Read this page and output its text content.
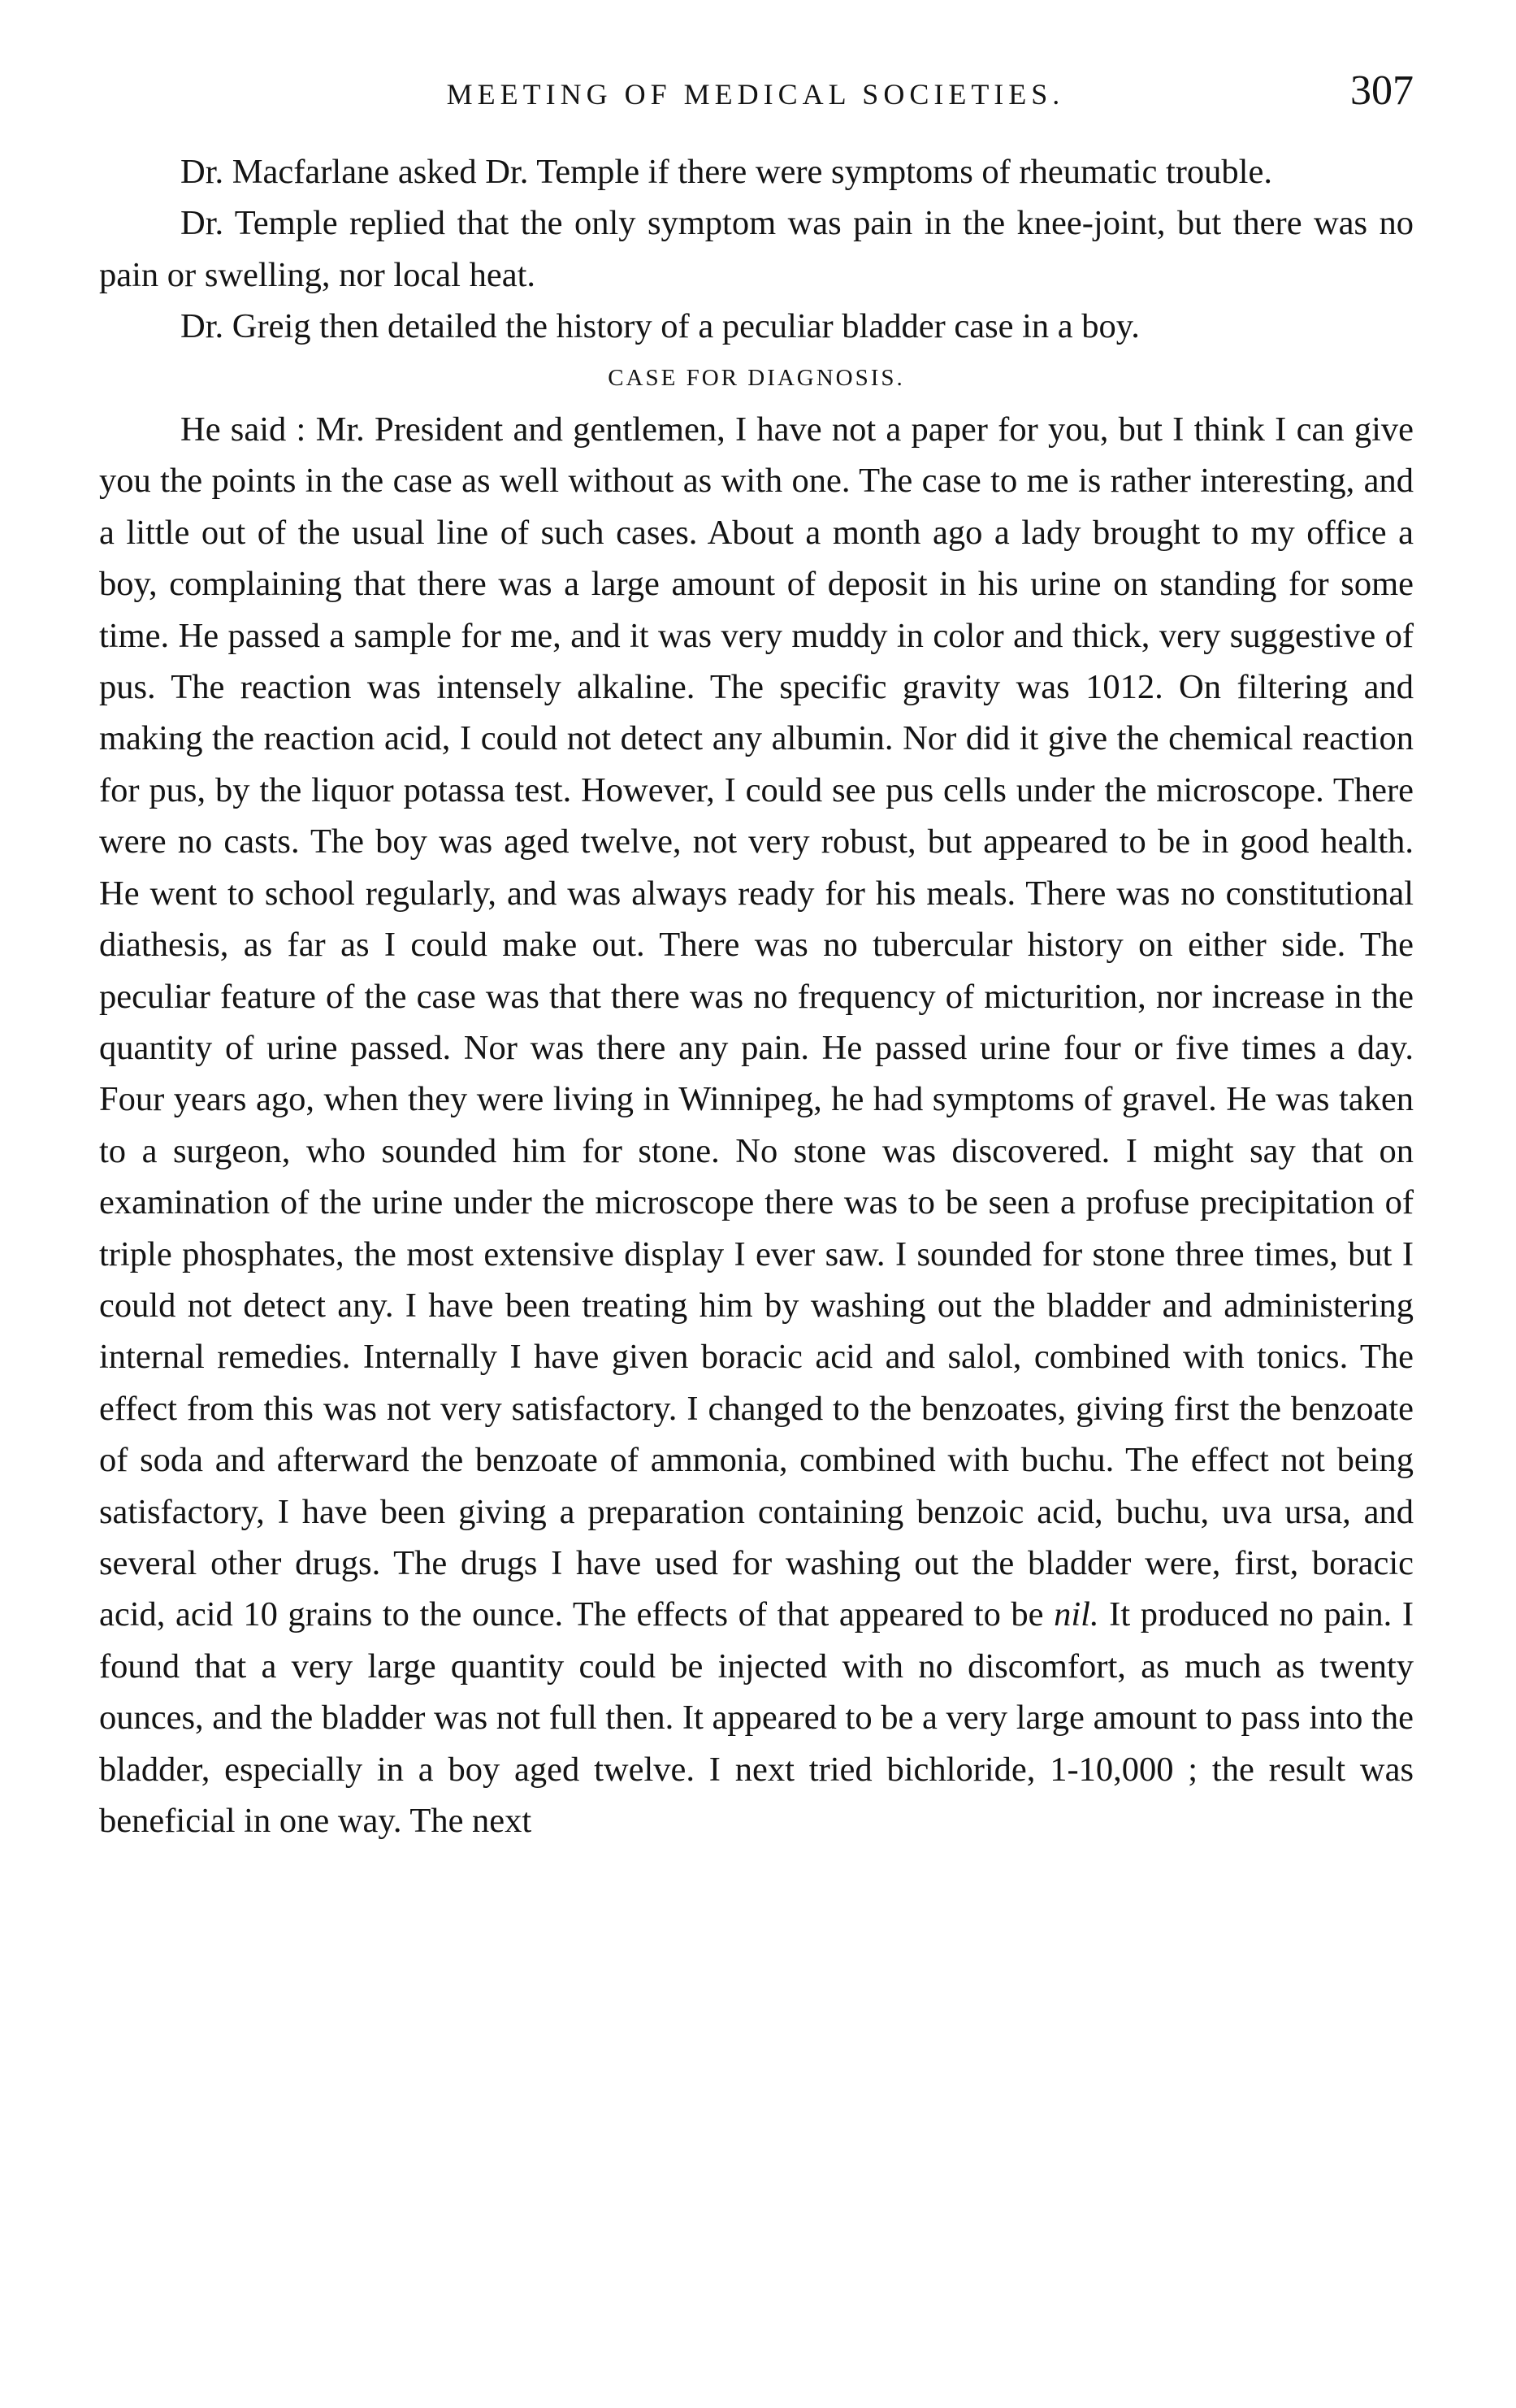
MEETING OF MEDICAL SOCIETIES.	307

Dr. Macfarlane asked Dr. Temple if there were symptoms of rheumatic trouble.

Dr. Temple replied that the only symptom was pain in the knee-joint, but there was no pain or swelling, nor local heat.

Dr. Greig then detailed the history of a peculiar bladder case in a boy.

CASE FOR DIAGNOSIS.

He said : Mr. President and gentlemen, I have not a paper for you, but I think I can give you the points in the case as well without as with one. The case to me is rather interesting, and a little out of the usual line of such cases. About a month ago a lady brought to my office a boy, complaining that there was a large amount of deposit in his urine on standing for some time. He passed a sample for me, and it was very muddy in color and thick, very suggestive of pus. The reaction was intensely alkaline. The specific gravity was 1012. On filtering and making the reaction acid, I could not detect any albumin. Nor did it give the chemical reaction for pus, by the liquor potassa test. However, I could see pus cells under the microscope. There were no casts. The boy was aged twelve, not very robust, but appeared to be in good health. He went to school regularly, and was always ready for his meals. There was no constitutional diathesis, as far as I could make out. There was no tubercular history on either side. The peculiar feature of the case was that there was no frequency of micturition, nor increase in the quantity of urine passed. Nor was there any pain. He passed urine four or five times a day. Four years ago, when they were living in Winnipeg, he had symptoms of gravel. He was taken to a surgeon, who sounded him for stone. No stone was discovered. I might say that on examination of the urine under the microscope there was to be seen a profuse precipitation of triple phosphates, the most extensive display I ever saw. I sounded for stone three times, but I could not detect any. I have been treating him by washing out the bladder and administering internal remedies. Internally I have given boracic acid and salol, combined with tonics. The effect from this was not very satisfactory. I changed to the benzoates, giving first the benzoate of soda and afterward the benzoate of ammonia, combined with buchu. The effect not being satisfactory, I have been giving a preparation containing benzoic acid, buchu, uva ursa, and several other drugs. The drugs I have used for washing out the bladder were, first, boracic acid, acid 10 grains to the ounce. The effects of that appeared to be nil. It produced no pain. I found that a very large quantity could be injected with no discomfort, as much as twenty ounces, and the bladder was not full then. It appeared to be a very large amount to pass into the bladder, especially in a boy aged twelve. I next tried bichloride, 1-10,000 ; the result was beneficial in one way. The next
